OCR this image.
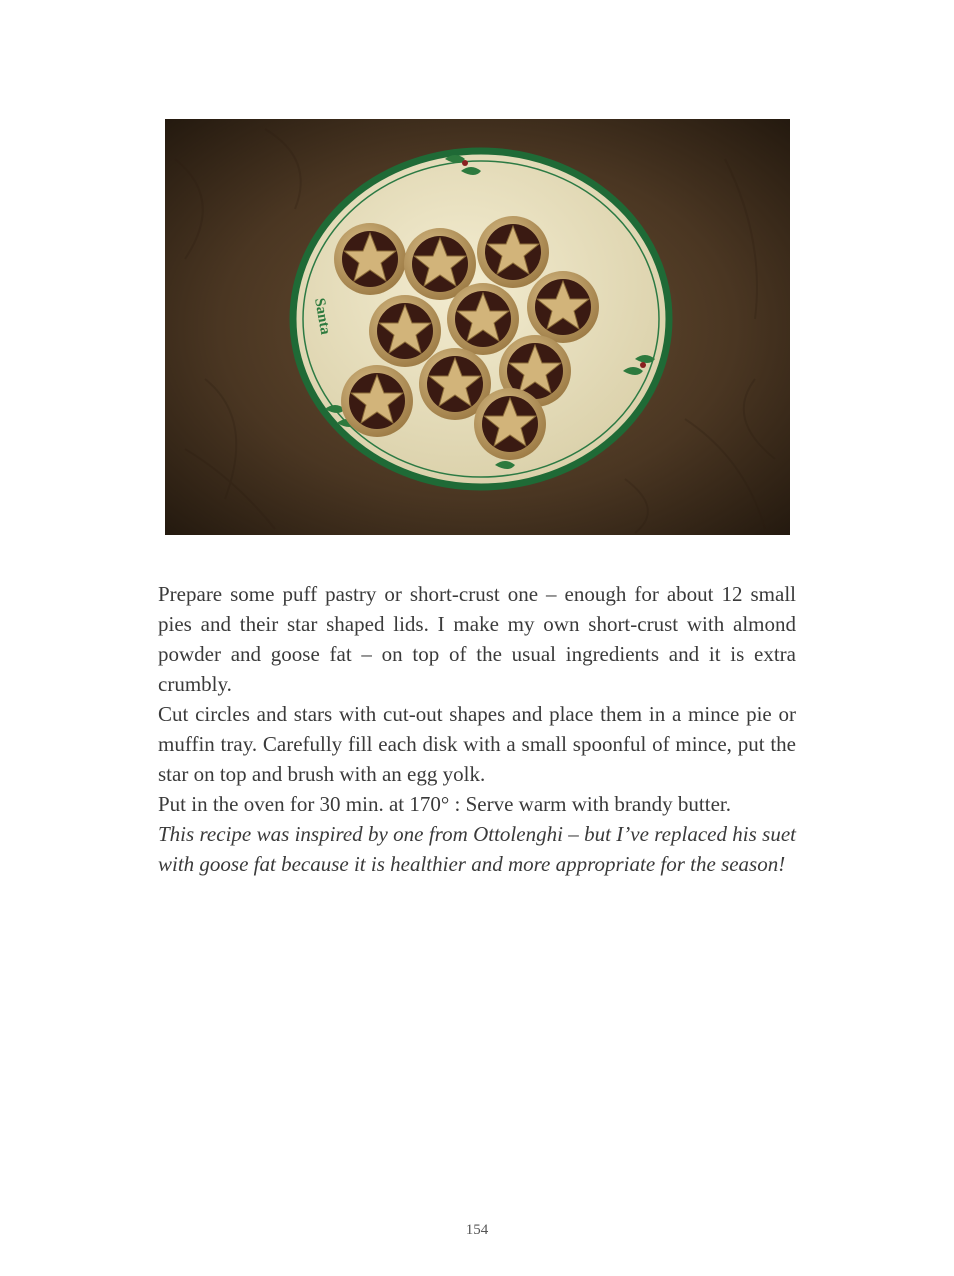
Santa

Prepare some puff pastry or short-crust one – enough for about 12 small pies and their star shaped lids. I make my own short-crust with almond powder and goose fat – on top of the usual ingredients and it is extra crumbly.

Cut circles and stars with cut-out shapes and place them in a mince pie or muffin tray. Carefully fill each disk with a small spoonful of mince, put the star on top and brush with an egg yolk.

Put in the oven for 30 min. at 170° : Serve warm with brandy butter.

This recipe was inspired by one from Ottolenghi – but I’ve replaced his suet with goose fat because it is healthier and more appropriate for the season!

154
